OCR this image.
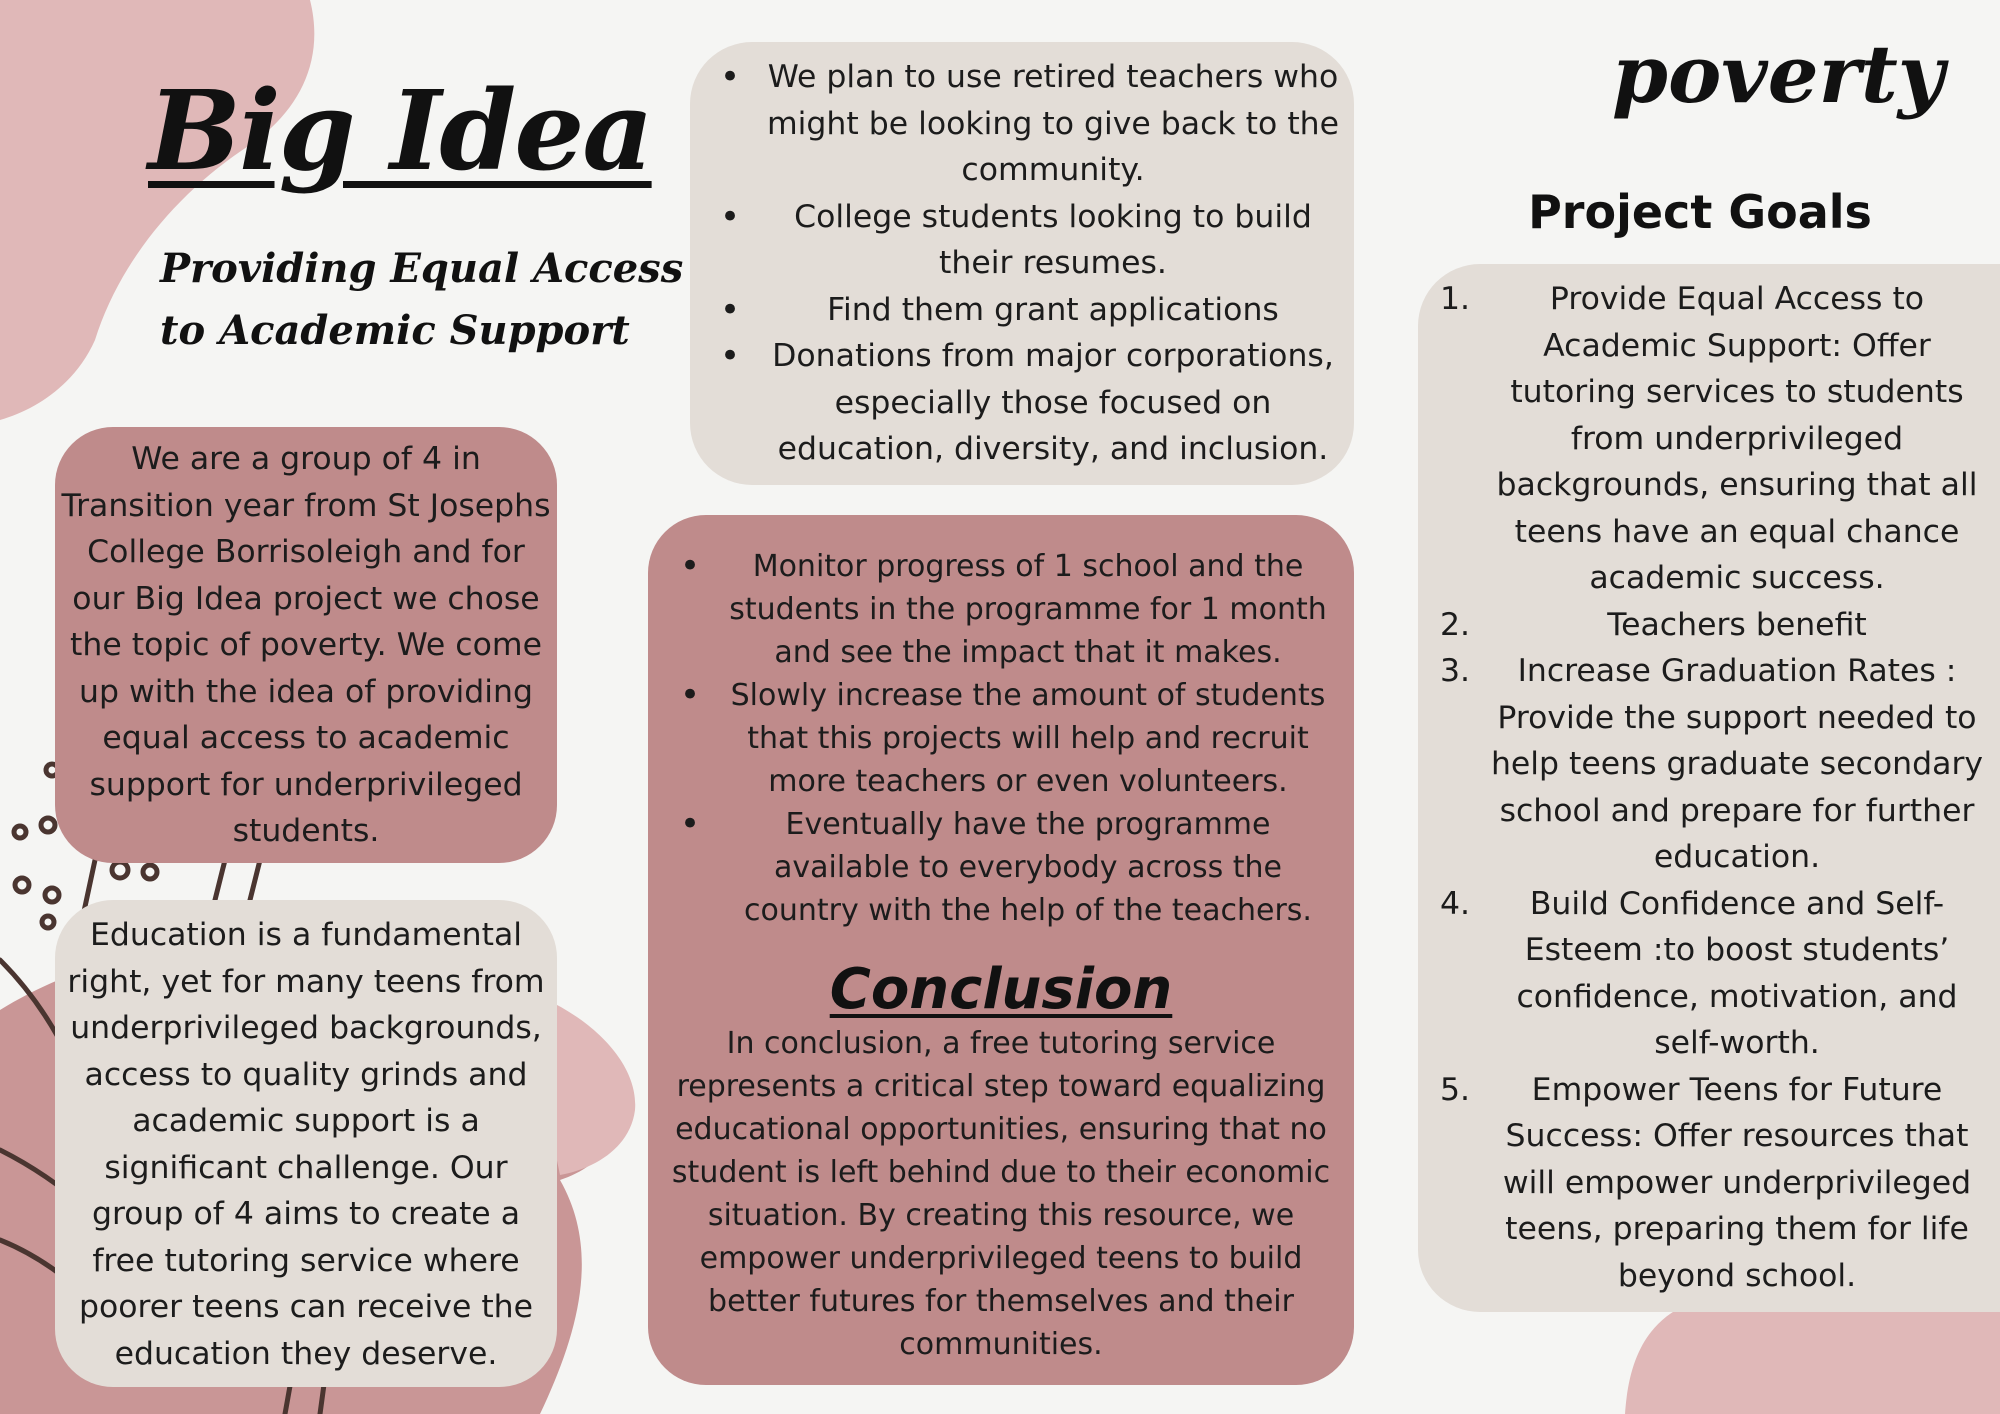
Big Idea
Providing Equal Access to Academic Support
poverty
Project Goals

We are a group of 4 in Transition year from St Josephs College Borrisoleigh and for our Big Idea project we chose the topic of poverty. We come up with the idea of providing equal access to academic support for underprivileged students.

Education is a fundamental right, yet for many teens from underprivileged backgrounds, access to quality grinds and academic support is a significant challenge. Our group of 4 aims to create a free tutoring service where poorer teens can receive the education they deserve.

• We plan to use retired teachers who might be looking to give back to the community.
• College students looking to build their resumes.
• Find them grant applications
• Donations from major corporations, especially those focused on education, diversity, and inclusion.
• Monitor progress of 1 school and the students in the programme for 1 month and see the impact that it makes.
• Slowly increase the amount of students that this projects will help and recruit more teachers or even volunteers.
• Eventually have the programme available to everybody across the country with the help of the teachers.
Conclusion

In conclusion, a free tutoring service represents a critical step toward equalizing educational opportunities, ensuring that no student is left behind due to their economic situation. By creating this resource, we empower underprivileged teens to build better futures for themselves and their communities.

1.	Provide Equal Access to Academic Support: Offer tutoring services to students from underprivileged backgrounds, ensuring that all teens have an equal chance academic success.
2.	Teachers benefit
3. Increase Graduation Rates : Provide the support needed to help teens graduate secondary school and prepare for further education.
4. Build Confidence and Self-Esteem :to boost students’ confidence, motivation, and self-worth.
5. Empower Teens for Future Success: Offer resources that will empower underprivileged teens, preparing them for life beyond school.
